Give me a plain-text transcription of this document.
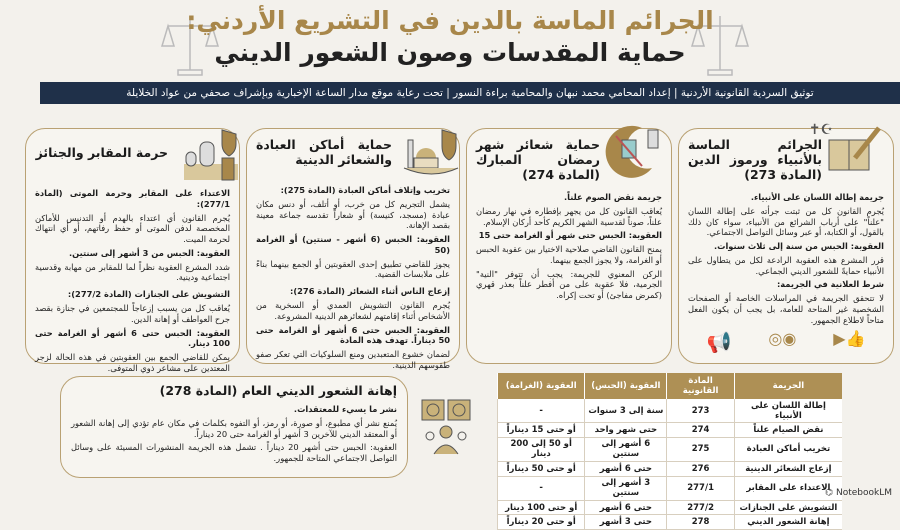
الجرائم الماسة بالدين في التشريع الأردني:
حماية المقدسات وصون الشعور الديني
توثيق السردية القانونية الأردنية | إعداد المحامي محمد نبهان والمحامية براءة النسور | تحت رعاية موقع مدار الساعة الإخبارية وبإشراف صحفي من عواد الخلايلة
الجرائم الماسة بالأنبياء ورموز الدين (المادة 273)

جريمة إطالة اللسان على الأنبياء.

يُجرم القانون كل من ثبتت جرأته على إطالة اللسان "علناً" على أرباب الشرائع من الأنبياء، سواء كان ذلك بالقول، أو الكتابة، أو عبر وسائل التواصل الاجتماعي.

العقوبة: الحبس من سنة إلى ثلاث سنوات.

قرر المشرع هذه العقوبة الرادعة لكل من يتطاول على الأنبياء حمايةً للشعور الديني الجماعي.

شرط العلانية في الجريمة:

لا تتحقق الجريمة في المراسلات الخاصة أو الصفحات الشخصية غير المتاحة للعامة، بل يجب أن يكون الفعل متاحاً لاطلاع الجمهور.

📢 ◎◉ ▶👍
☪✝
حماية شعائر شهر رمضان المبارك (المادة 274)

جريمة نقض الصوم علناً.

يُعاقب القانون كل من يجهر بإفطاره في نهار رمضان علناً، صوناً لقدسية الشهر الكريم كأحد أركان الإسلام.

العقوبة: الحبس حتى شهر أو الغرامة حتى 15

يمنح القانون القاضي صلاحية الاختيار بين عقوبة الحبس أو الغرامة، ولا يجوز الجمع بينهما.

الركن المعنوي للجريمة: يجب أن تتوفر "النية" الجرمية، فلا عقوبة على من أفطر علناً بعذر قهري (كمرض مفاجئ) أو تحت إكراه.

حماية أماكن العبادة والشعائر الدينية

تخريب وإتلاف أماكن العبادة (المادة 275):

يشمل التجريم كل من خرب، أو أتلف، أو دنس مكان عبادة (مسجد، كنيسة) أو شعاراً تقدسه جماعة معينة بقصد الإهانة.

العقوبة: الحبس (6 أشهر - سنتين) أو الغرامة (50

يجوز للقاضي تطبيق إحدى العقوبتين أو الجمع بينهما بناءً على ملابسات القضية.

إزعاج الناس أثناء الشعائر (المادة 276):

يُجرم القانون التشويش العمدي أو السخرية من الأشخاص أثناء إقامتهم لشعائرهم الدينية المشروعة.

العقوبة: الحبس حتى 6 أشهر أو الغرامة حتى 50 ديناراً. تهدف هذه المادة

لضمان خشوع المتعبدين ومنع السلوكيات التي تعكر صفو طقوسهم الدينية.

حرمة المقابر والجنائز

الاعتداء على المقابر وحرمة الموتى (المادة 277/1):

يُجرم القانون أي اعتداء بالهدم أو التدنيس للأماكن المخصصة لدفن الموتى أو حفظ رفاتهم، أو أي انتهاك لحرمة الميت.

العقوبة: الحبس من 3 أشهر إلى سنتين.

شدد المشرع العقوبة نظراً لما للمقابر من مهابة وقدسية اجتماعية ودينية.

التشويش على الجنازات (المادة 277/2):

يُعاقب كل من يسبب إزعاجاً للمجتمعين في جنازة بقصد جرح العواطف أو إهانة الدين.

العقوبة: الحبس حتى 6 أشهر أو الغرامة حتى 100 دينار.

يمكن للقاضي الجمع بين العقوبتين في هذه الحالة لزجر المعتدين على مشاعر ذوي المتوفى.

إهانة الشعور الديني العام (المادة 278)

نشر ما يسيء للمعتقدات.

يُمنع نشر أي مطبوع، أو صورة، أو رمز، أو التفوه بكلمات في مكان عام تؤدي إلى إهانة الشعور أو المعتقد الديني للآخرين 3 أشهر أو الغرامة حتى 20 ديناراً.

العقوبة: الحبس حتى أشهر 20 ديناراً . تشمل هذه الجريمة المنشورات المسيئة على وسائل التواصل الاجتماعي المتاحة للجمهور.

الجريمة	المادة القانونية	العقوبة (الحبس)	العقوبة (الغرامة)
إطالة اللسان على الأنبياء	273	سنة إلى 3 سنوات	-
نقض الصيام علناً	274	حتى شهر واحد	أو حتى 15 ديناراً
تخريب أماكن العبادة	275	6 أشهر إلى سنتين	أو 50 إلى 200 دينار
إزعاج الشعائر الدينية	276	حتى 6 أشهر	أو حتى 50 ديناراً
الاعتداء على المقابر	277/1	3 أشهر إلى سنتين	-
التشويش على الجنازات	277/2	حتى 6 أشهر	أو حتى 100 دينار
إهانة الشعور الديني	278	حتى 3 أشهر	أو حتى 20 ديناراً
⌬ NotebookLM
